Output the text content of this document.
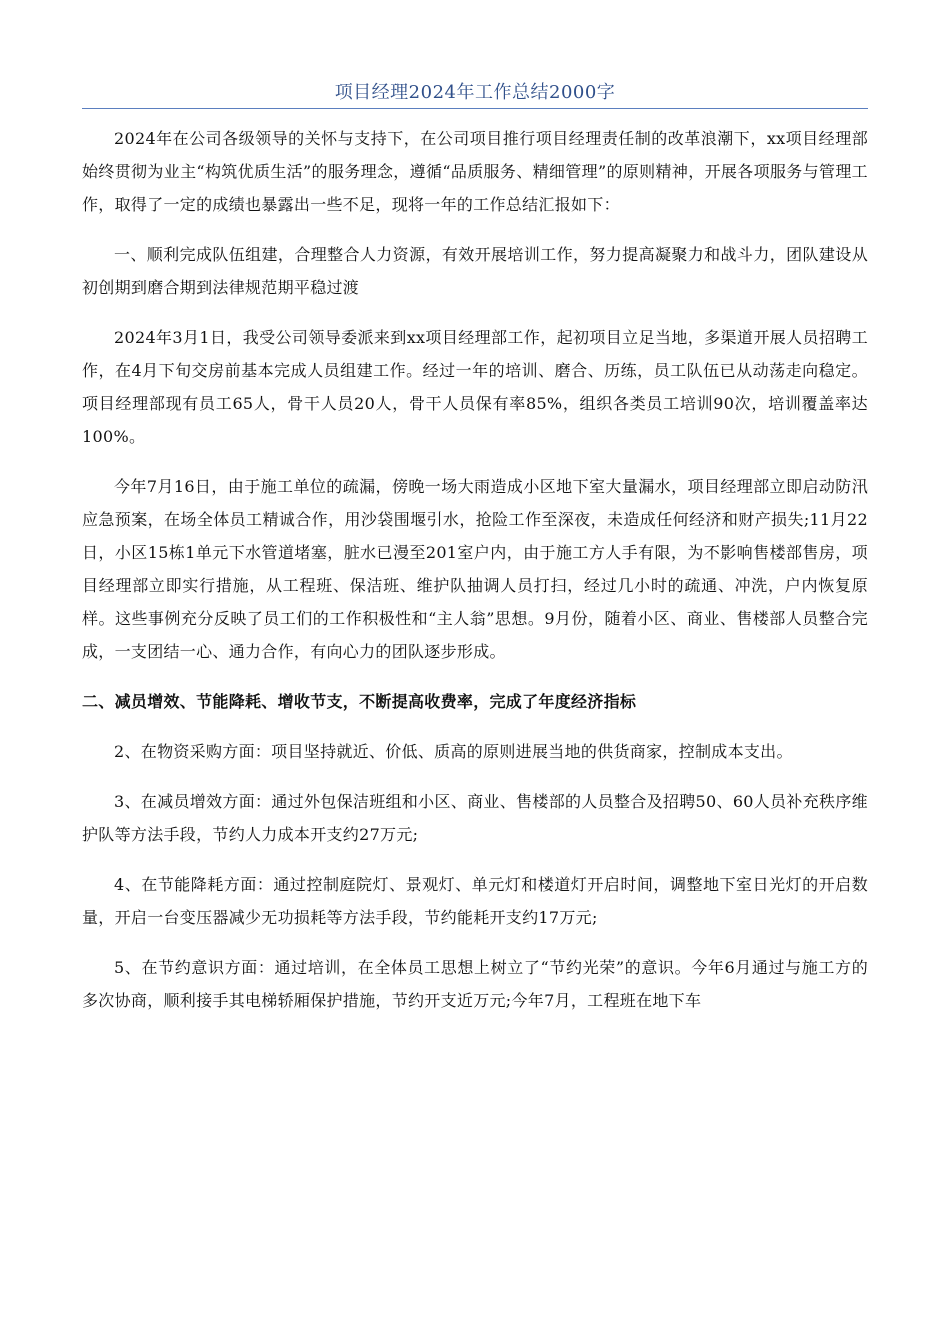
项目经理2024年工作总结2000字

2024年在公司各级领导的关怀与支持下，在公司项目推行项目经理责任制的改革浪潮下，xx项目经理部始终贯彻为业主“构筑优质生活”的服务理念，遵循“品质服务、精细管理”的原则精神，开展各项服务与管理工作，取得了一定的成绩也暴露出一些不足，现将一年的工作总结汇报如下：

一、顺利完成队伍组建，合理整合人力资源，有效开展培训工作，努力提高凝聚力和战斗力，团队建设从初创期到磨合期到法律规范期平稳过渡

2024年3月1日，我受公司领导委派来到xx项目经理部工作，起初项目立足当地，多渠道开展人员招聘工作，在4月下旬交房前基本完成人员组建工作。经过一年的培训、磨合、历练，员工队伍已从动荡走向稳定。项目经理部现有员工65人，骨干人员20人，骨干人员保有率85%，组织各类员工培训90次，培训覆盖率达100%。

今年7月16日，由于施工单位的疏漏，傍晚一场大雨造成小区地下室大量漏水，项目经理部立即启动防汛应急预案，在场全体员工精诚合作，用沙袋围堰引水，抢险工作至深夜，未造成任何经济和财产损失;11月22日，小区15栋1单元下水管道堵塞，脏水已漫至201室户内，由于施工方人手有限，为不影响售楼部售房，项目经理部立即实行措施，从工程班、保洁班、维护队抽调人员打扫，经过几小时的疏通、冲洗，户内恢复原样。这些事例充分反映了员工们的工作积极性和“主人翁”思想。9月份，随着小区、商业、售楼部人员整合完成，一支团结一心、通力合作，有向心力的团队逐步形成。

二、减员增效、节能降耗、增收节支，不断提高收费率，完成了年度经济指标

2、在物资采购方面：项目坚持就近、价低、质高的原则进展当地的供货商家，控制成本支出。

3、在减员增效方面：通过外包保洁班组和小区、商业、售楼部的人员整合及招聘50、60人员补充秩序维护队等方法手段，节约人力成本开支约27万元;

4、在节能降耗方面：通过控制庭院灯、景观灯、单元灯和楼道灯开启时间，调整地下室日光灯的开启数量，开启一台变压器减少无功损耗等方法手段，节约能耗开支约17万元;

5、在节约意识方面：通过培训，在全体员工思想上树立了“节约光荣”的意识。今年6月通过与施工方的多次协商，顺利接手其电梯轿厢保护措施，节约开支近万元;今年7月，工程班在地下车
